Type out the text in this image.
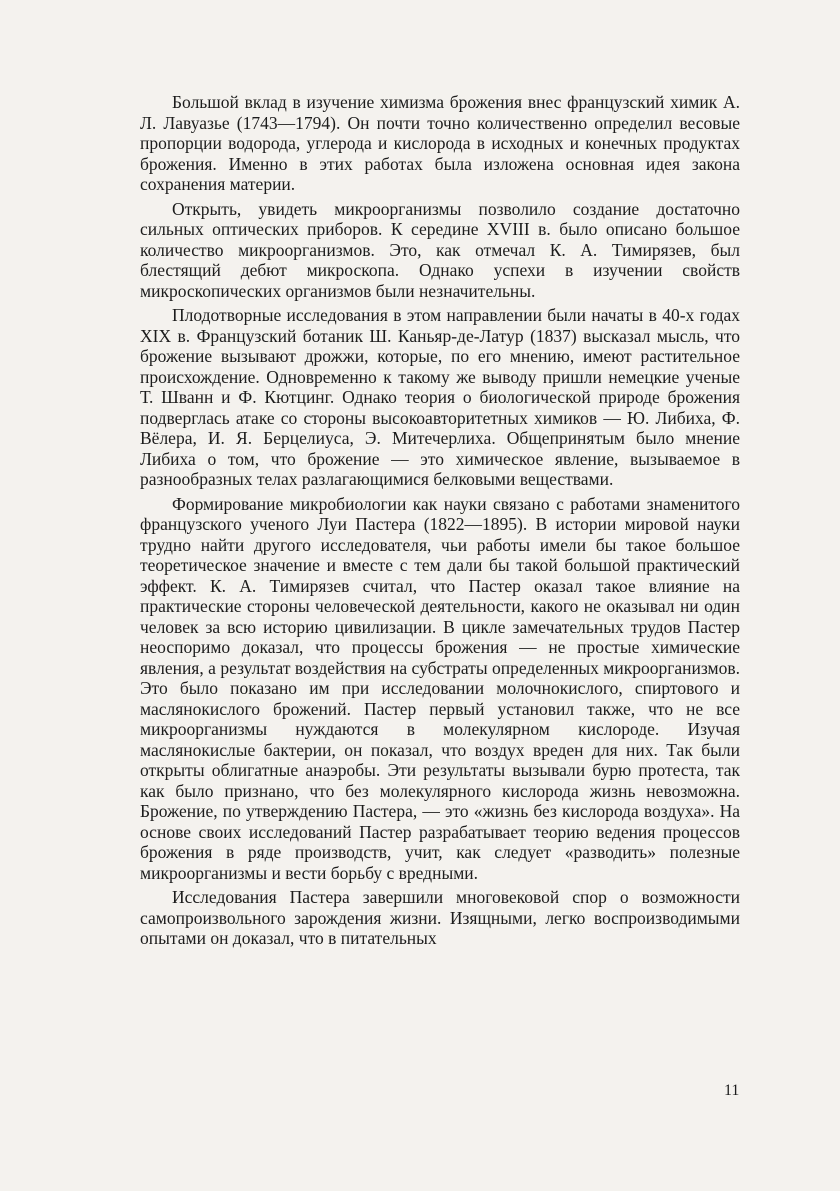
Большой вклад в изучение химизма брожения внес французский химик А. Л. Лавуазье (1743—1794). Он почти точно количественно определил весовые пропорции водорода, углерода и кислорода в исходных и конечных продуктах брожения. Именно в этих работах была изложена основная идея закона сохранения материи.

Открыть, увидеть микроорганизмы позволило создание достаточно сильных оптических приборов. К середине XVIII в. было описано большое количество микроорганизмов. Это, как отмечал К. А. Тимирязев, был блестящий дебют микроскопа. Однако успехи в изучении свойств микроскопических организмов были незначительны.

Плодотворные исследования в этом направлении были начаты в 40-х годах XIX в. Французский ботаник Ш. Каньяр-де-Латур (1837) высказал мысль, что брожение вызывают дрожжи, которые, по его мнению, имеют растительное происхождение. Одновременно к такому же выводу пришли немецкие ученые Т. Шванн и Ф. Кютцинг. Однако теория о биологической природе брожения подверглась атаке со стороны высокоавторитетных химиков — Ю. Либиха, Ф. Вёлера, И. Я. Берцелиуса, Э. Митечерлиха. Общепринятым было мнение Либиха о том, что брожение — это химическое явление, вызываемое в разнообразных телах разлагающимися белковыми веществами.

Формирование микробиологии как науки связано с работами знаменитого французского ученого Луи Пастера (1822—1895). В истории мировой науки трудно найти другого исследователя, чьи работы имели бы такое большое теоретическое значение и вместе с тем дали бы такой большой практический эффект. К. А. Тимирязев считал, что Пастер оказал такое влияние на практические стороны человеческой деятельности, какого не оказывал ни один человек за всю историю цивилизации. В цикле замечательных трудов Пастер неоспоримо доказал, что процессы брожения — не простые химические явления, а результат воздействия на субстраты определенных микроорганизмов. Это было показано им при исследовании молочнокислого, спиртового и маслянокислого брожений. Пастер первый установил также, что не все микроорганизмы нуждаются в молекулярном кислороде. Изучая маслянокислые бактерии, он показал, что воздух вреден для них. Так были открыты облигатные анаэробы. Эти результаты вызывали бурю протеста, так как было признано, что без молекулярного кислорода жизнь невозможна. Брожение, по утверждению Пастера, — это «жизнь без кислорода воздуха». На основе своих исследований Пастер разрабатывает теорию ведения процессов брожения в ряде производств, учит, как следует «разводить» полезные микроорганизмы и вести борьбу с вредными.

Исследования Пастера завершили многовековой спор о возможности самопроизвольного зарождения жизни. Изящными, легко воспроизводимыми опытами он доказал, что в питательных

11
